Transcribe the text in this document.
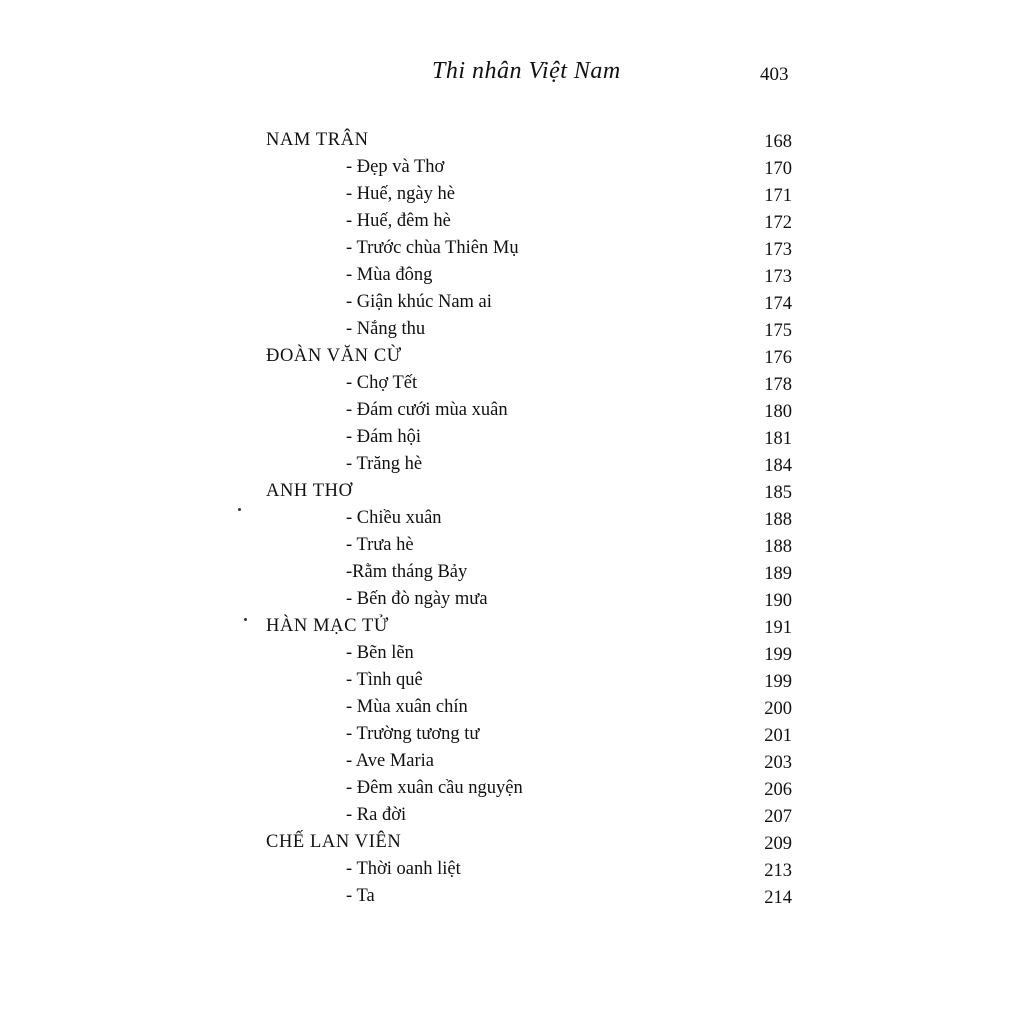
Thi nhân Việt Nam	403
NAM TRÂN	168
- Đẹp và Thơ	170
- Huế, ngày hè	171
- Huế, đêm hè	172
- Trước chùa Thiên Mụ	173
- Mùa đông	173
- Giận khúc Nam ai	174
- Nắng thu	175
ĐOÀN VĂN CỪ	176
- Chợ Tết	178
- Đám cưới mùa xuân	180
- Đám hội	181
- Trăng hè	184
ANH THƠ	185
- Chiều xuân	188
- Trưa hè	188
-Rằm tháng Bảy	189
- Bến đò ngày mưa	190
HÀN MẠC TỬ	191
- Bẽn lẽn	199
- Tình quê	199
- Mùa xuân chín	200
- Trường tương tư	201
- Ave Maria	203
- Đêm xuân cầu nguyện	206
- Ra đời	207
CHẾ LAN VIÊN	209
- Thời oanh liệt	213
- Ta	214
